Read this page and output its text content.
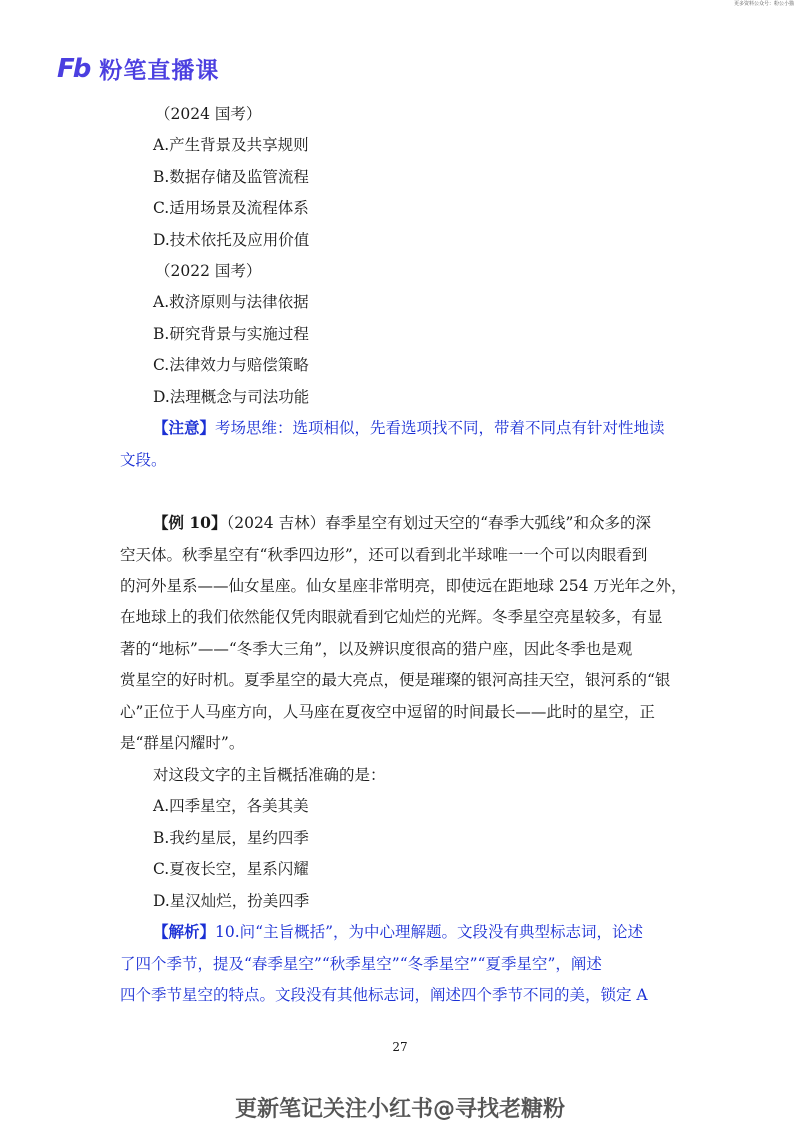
更多资料公众号：粉公小猫
Fb 粉笔直播课
（2024 国考）
A.产生背景及共享规则
B.数据存储及监管流程
C.适用场景及流程体系
D.技术依托及应用价值
（2022 国考）
A.救济原则与法律依据
B.研究背景与实施过程
C.法律效力与赔偿策略
D.法理概念与司法功能
【注意】考场思维：选项相似，先看选项找不同，带着不同点有针对性地读
文段。
【例 10】（2024 吉林）春季星空有划过天空的“春季大弧线”和众多的深
空天体。秋季星空有“秋季四边形”，还可以看到北半球唯一一个可以肉眼看到
的河外星系——仙女星座。仙女星座非常明亮，即使远在距地球 254 万光年之外，
在地球上的我们依然能仅凭肉眼就看到它灿烂的光辉。冬季星空亮星较多，有显
著的“地标”——“冬季大三角”，以及辨识度很高的猎户座，因此冬季也是观
赏星空的好时机。夏季星空的最大亮点，便是璀璨的银河高挂天空，银河系的“银
心”正位于人马座方向，人马座在夏夜空中逗留的时间最长——此时的星空，正
是“群星闪耀时”。
对这段文字的主旨概括准确的是：
A.四季星空，各美其美
B.我约星辰，星约四季
C.夏夜长空，星系闪耀
D.星汉灿烂，扮美四季
【解析】10.问“主旨概括”，为中心理解题。文段没有典型标志词，论述
了四个季节，提及“春季星空”“秋季星空”“冬季星空”“夏季星空”，阐述
四个季节星空的特点。文段没有其他标志词，阐述四个季节不同的美，锁定 A
27
更新笔记关注小红书@寻找老糖粉
